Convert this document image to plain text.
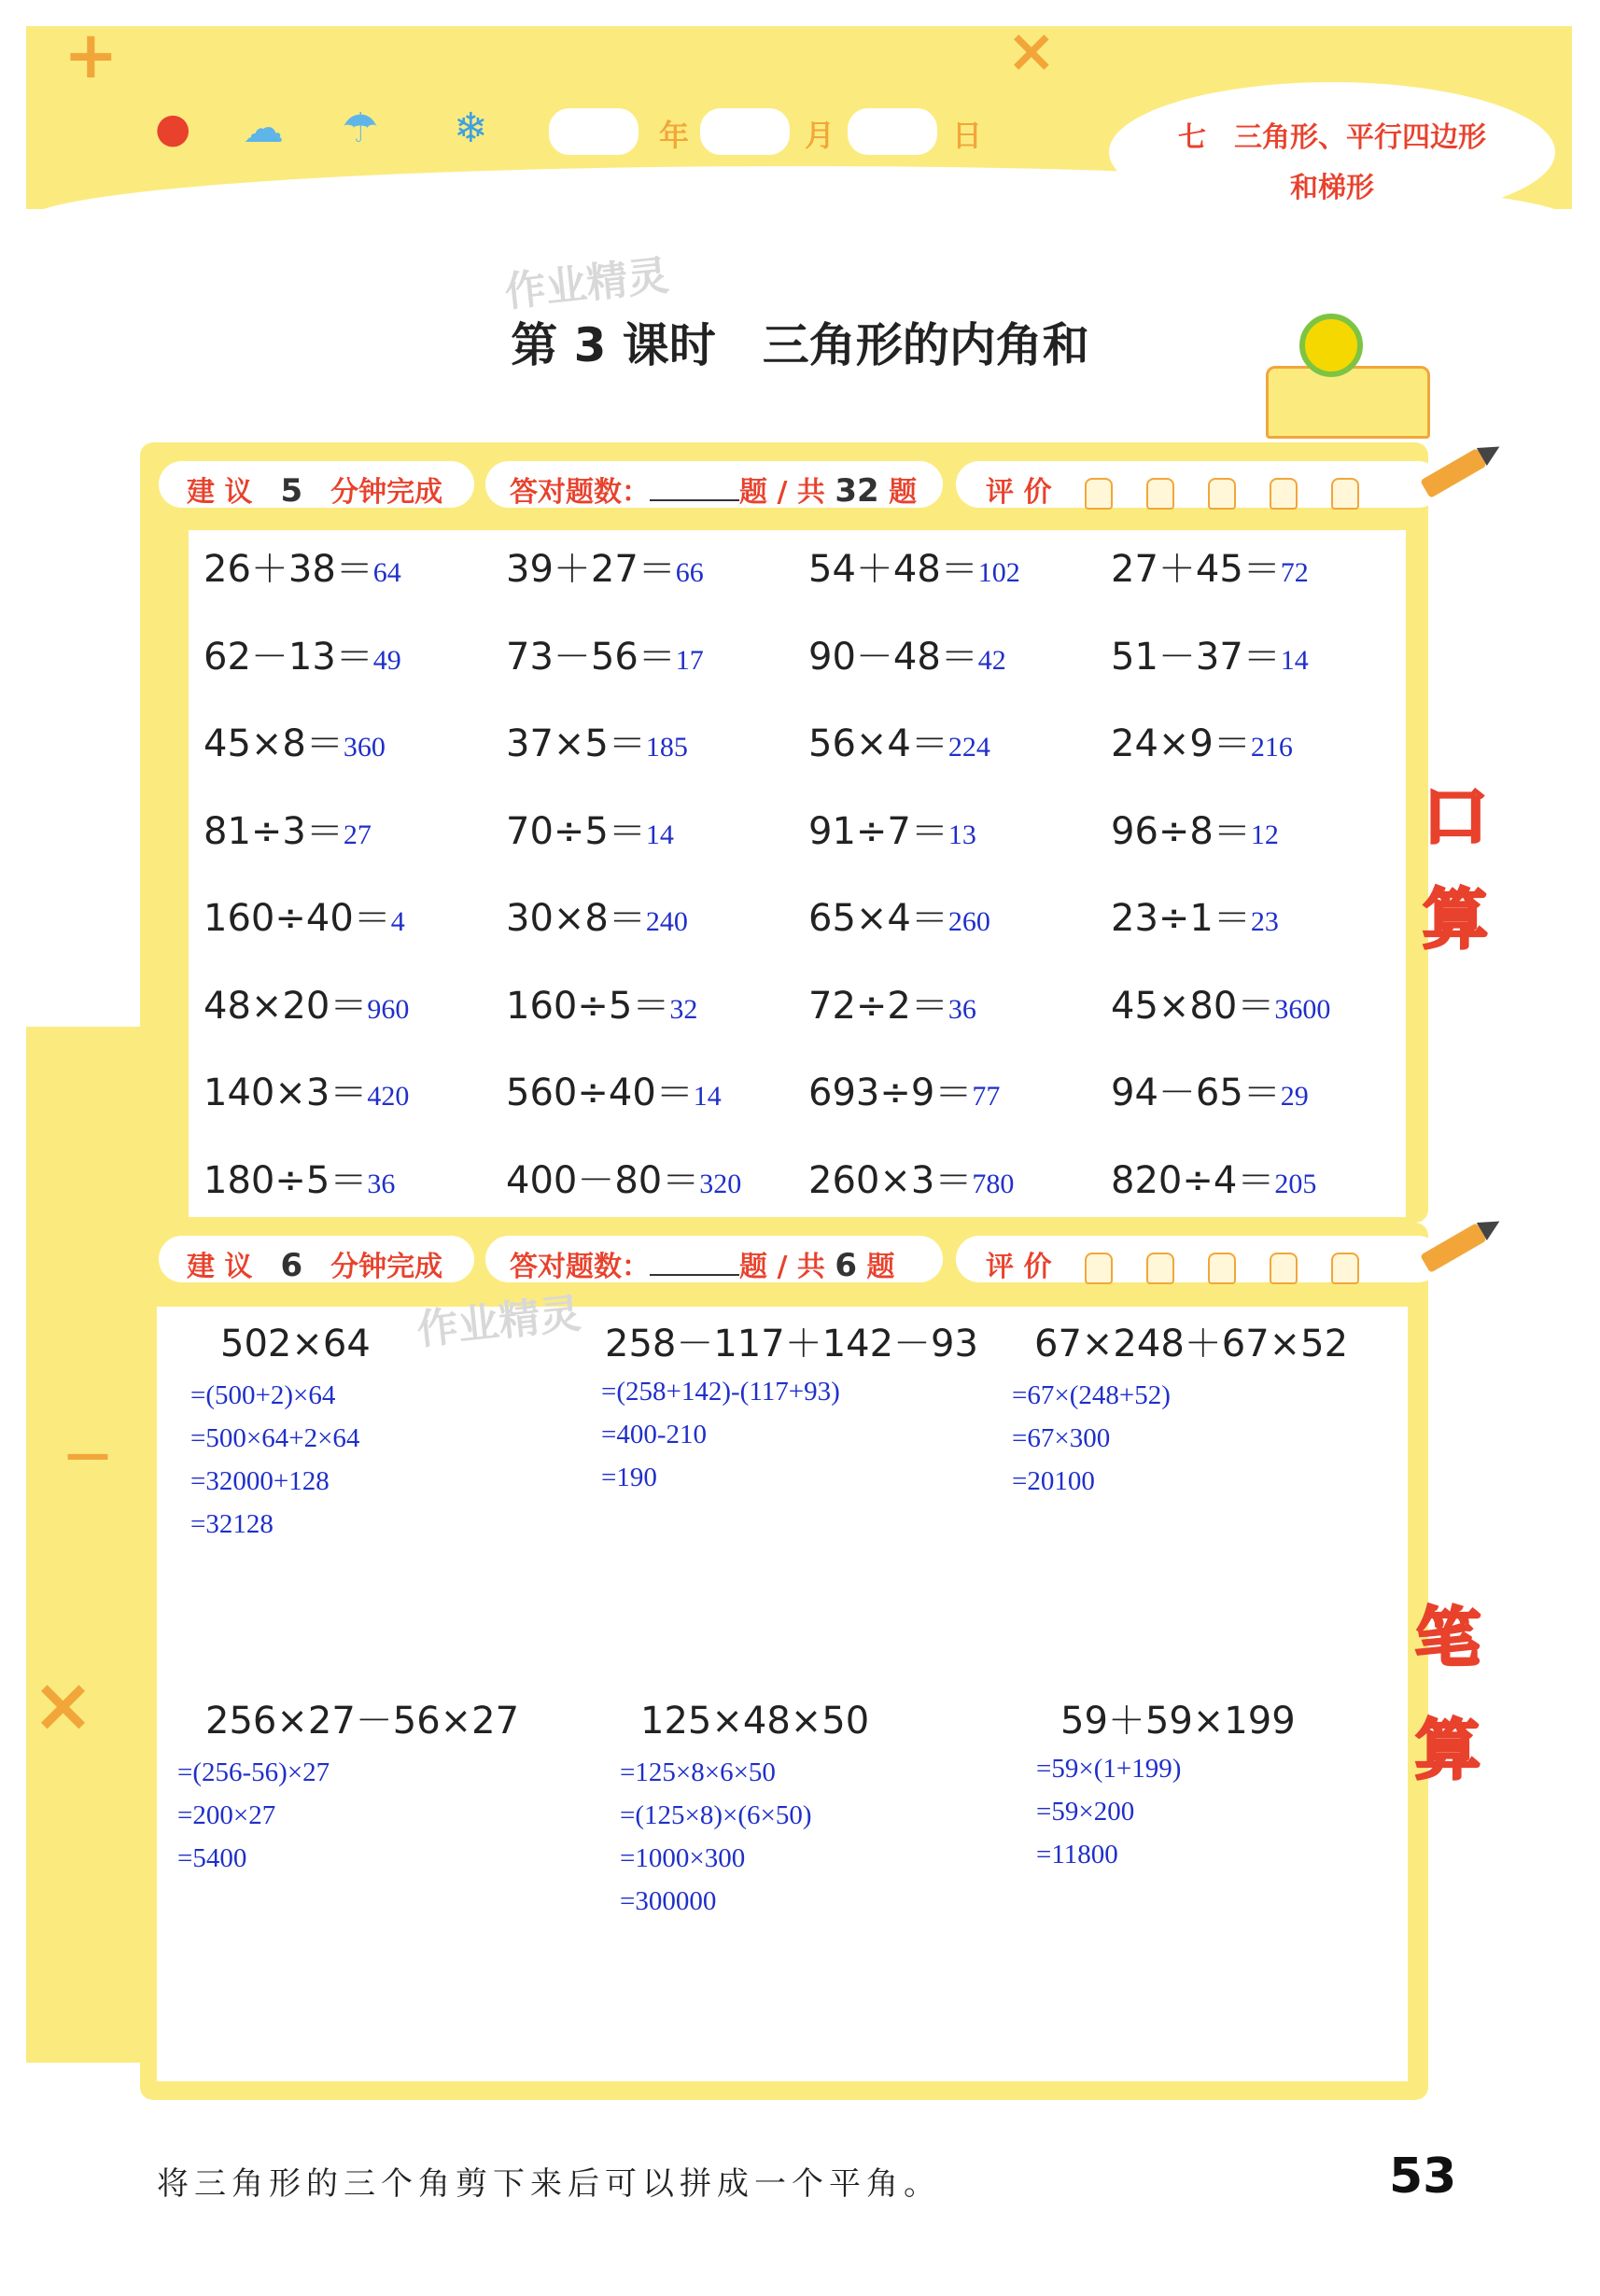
+	×
● ☁ ☂ ❄	年	月	日	七　三角形、平行四边形
和梯形
—
×
作业精灵
第 3 课时　三角形的内角和
建 议　 5　 分钟完成 答对题数：	题 / 共 32 题 评 价
26＋38＝64	39＋27＝66	54＋48＝102 27＋45＝72
62－13＝49	73－56＝17	90－48＝42	51－37＝14
45×8＝360	37×5＝185	56×4＝224	24×9＝216
81÷3＝27	70÷5＝14	91÷7＝13	96÷8＝12
160÷40＝4	30×8＝240	65×4＝260	23÷1＝23
48×20＝960	160÷5＝32	72÷2＝36	45×80＝3600
140×3＝420	560÷40＝14 693÷9＝77	94－65＝29
180÷5＝36	400－80＝320 260×3＝780	820÷4＝205
口
算
建 议　 6　 分钟完成 答对题数：	题 / 共 6 题	评 价
作业精灵
502×64
=(500+2)×64
=500×64+2×64
=32000+128
=32128
258－117＋142－93
=(258+142)-(117+93)
=400-210
=190
67×248＋67×52
=67×(248+52)
=67×300
=20100
256×27－56×27
=(256-56)×27
=200×27
=5400
125×48×50
=125×8×6×50
=(125×8)×(6×50)
=1000×300
=300000
59＋59×199
=59×(1+199)
=59×200
=11800
笔
算
将三角形的三个角剪下来后可以拼成一个平角。	53
